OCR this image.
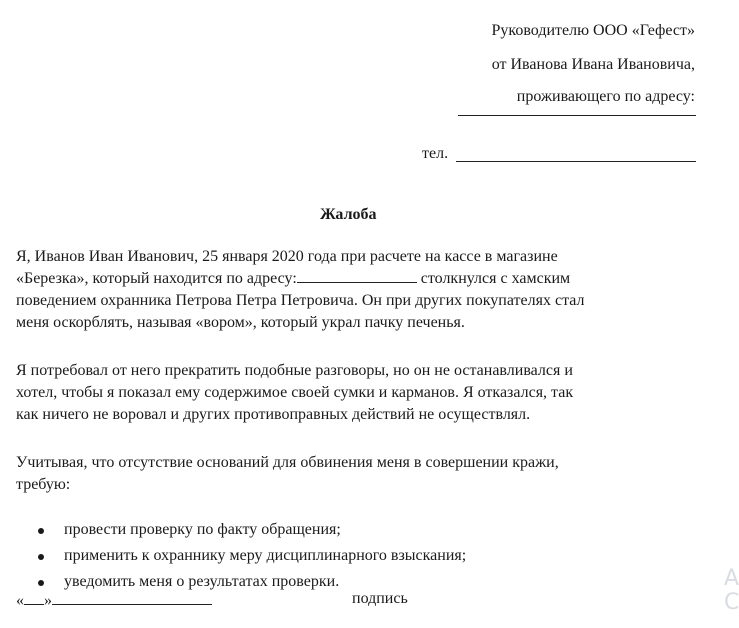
Руководителю ООО «Гефест»
от Иванова Ивана Ивановича,
проживающего по адресу:
тел.
Жалоба
Я, Иванов Иван Иванович, 25 января 2020 года при расчете на кассе в магазине
«Березка», который находится по адресу:	столкнулся с хамским
поведением охранника Петрова Петра Петровича. Он при других покупателях стал
меня оскорблять, называя «вором», который украл пачку печенья.
Я потребовал от него прекратить подобные разговоры, но он не останавливался и
хотел, чтобы я показал ему содержимое своей сумки и карманов. Я отказался, так
как ничего не воровал и других противоправных действий не осуществлял.
Учитывая, что отсутствие оснований для обвинения меня в совершении кражи,
требую:
провести проверку по факту обращения;
применить к охраннику меру дисциплинарного взыскания;
уведомить меня о результатах проверки.
« »	подпись
А
С
